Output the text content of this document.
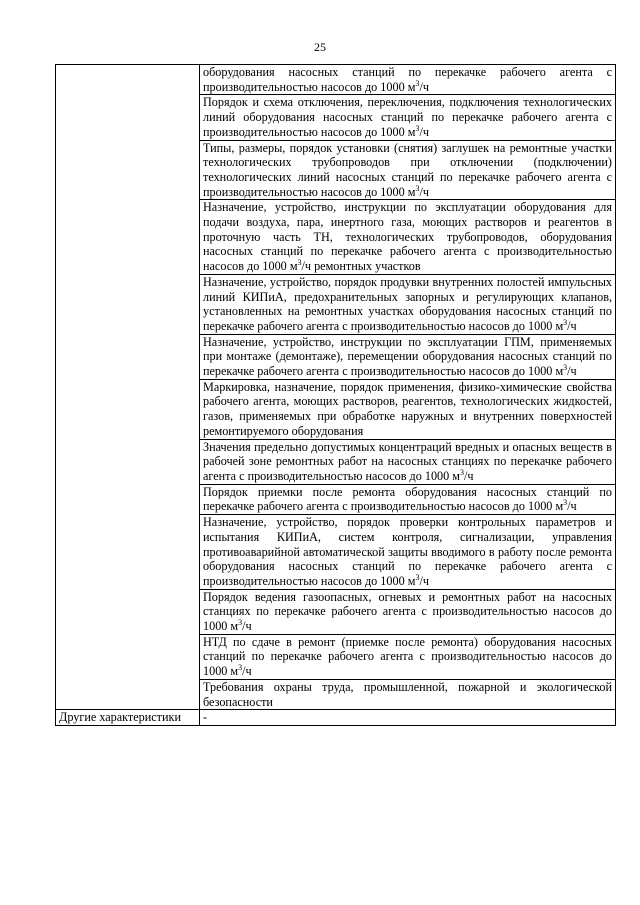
25
	оборудования насосных станций по перекачке рабочего агента с производительностью насосов до 1000 $м^3/ч$
	Порядок и схема отключения, переключения, подключения технологических линий оборудования насосных станций по перекачке рабочего агента с производительностью насосов до 1000 $м^3/ч$
	Типы, размеры, порядок установки (снятия) заглушек на ремонтные участки технологических трубопроводов при отключении (подключении) технологических линий насосных станций по перекачке рабочего агента с производительностью насосов до 1000 $м^3/ч$
	Назначение, устройство, инструкции по эксплуатации оборудования для подачи воздуха, пара, инертного газа, моющих растворов и реагентов в проточную часть ТН, технологических трубопроводов, оборудования насосных станций по перекачке рабочего агента с производительностью насосов до 1000 $м^3/ч$ ремонтных участков
	Назначение, устройство, порядок продувки внутренних полостей импульсных линий КИПиА, предохранительных запорных и регулирующих клапанов, установленных на ремонтных участках оборудования насосных станций по перекачке рабочего агента с производительностью насосов до 1000 $м^3/ч$
	Назначение, устройство, инструкции по эксплуатации ГПМ, применяемых при монтаже (демонтаже), перемещении оборудования насосных станций по перекачке рабочего агента с производительностью насосов до 1000 $м^3/ч$
	Маркировка, назначение, порядок применения, физико-химические свойства рабочего агента, моющих растворов, реагентов, технологических жидкостей, газов, применяемых при обработке наружных и внутренних поверхностей ремонтируемого оборудования
	Значения предельно допустимых концентраций вредных и опасных веществ в рабочей зоне ремонтных работ на насосных станциях по перекачке рабочего агента с производительностью насосов до 1000 $м^3/ч$
	Порядок приемки после ремонта оборудования насосных станций по перекачке рабочего агента с производительностью насосов до 1000 $м^3/ч$
	Назначение, устройство, порядок проверки контрольных параметров и испытания КИПиА, систем контроля, сигнализации, управления противоаварийной автоматической защиты вводимого в работу после ремонта оборудования насосных станций по перекачке рабочего агента с производительностью насосов до 1000 $м^3/ч$
	Порядок ведения газоопасных, огневых и ремонтных работ на насосных станциях по перекачке рабочего агента с производительностью насосов до 1000 $м^3/ч$
	НТД по сдаче в ремонт (приемке после ремонта) оборудования насосных станций по перекачке рабочего агента с производительностью насосов до 1000 $м^3/ч$
	Требования охраны труда, промышленной, пожарной и экологической безопасности
Другие характеристики	-
